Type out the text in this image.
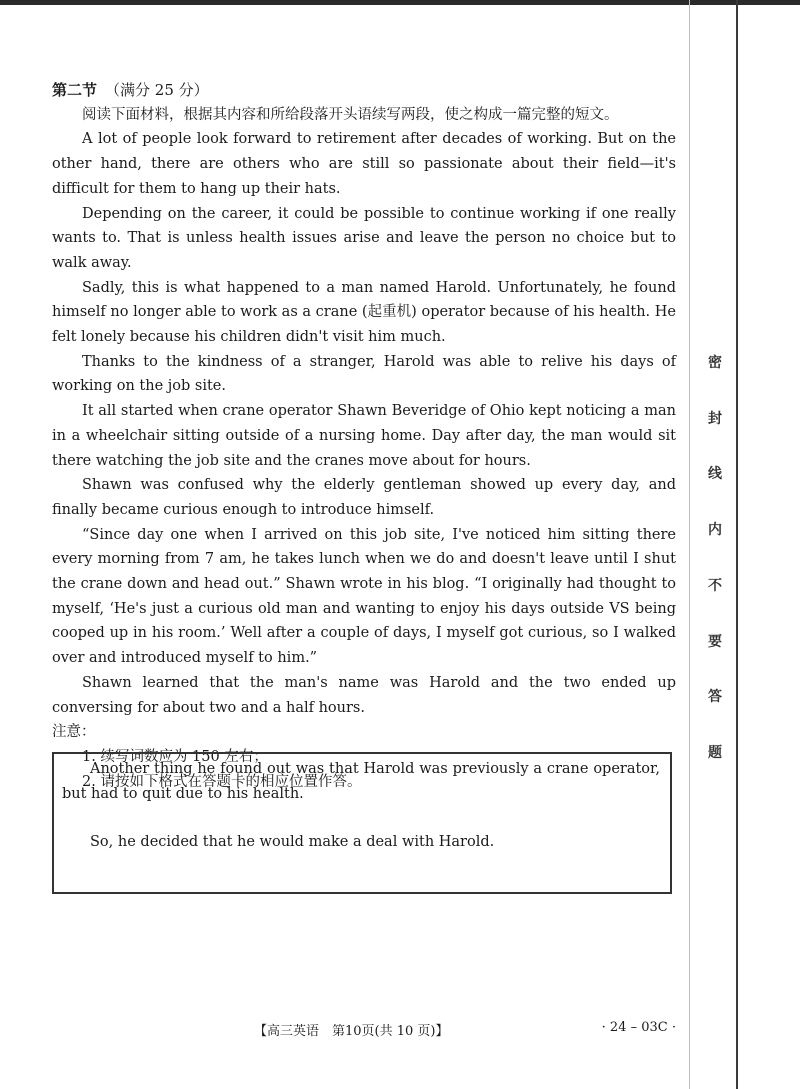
密
封
线
内
不
要
答
题

第二节 （满分 25 分）

阅读下面材料，根据其内容和所给段落开头语续写两段，使之构成一篇完整的短文。

A lot of people look forward to retirement after decades of working. But on the other hand, there are others who are still so passionate about their field—it's difficult for them to hang up their hats.

Depending on the career, it could be possible to continue working if one really wants to. That is unless health issues arise and leave the person no choice but to walk away.

Sadly, this is what happened to a man named Harold. Unfortunately, he found himself no longer able to work as a crane (起重机) operator because of his health. He felt lonely because his children didn't visit him much.

Thanks to the kindness of a stranger, Harold was able to relive his days of working on the job site.

It all started when crane operator Shawn Beveridge of Ohio kept noticing a man in a wheelchair sitting outside of a nursing home. Day after day, the man would sit there watching the job site and the cranes move about for hours.

Shawn was confused why the elderly gentleman showed up every day, and finally became curious enough to introduce himself.

“Since day one when I arrived on this job site, I've noticed him sitting there every morning from 7 am, he takes lunch when we do and doesn't leave until I shut the crane down and head out.” Shawn wrote in his blog. “I originally had thought to myself, ‘He's just a curious old man and wanting to enjoy his days outside VS being cooped up in his room.’ Well after a couple of days, I myself got curious, so I walked over and introduced myself to him.”

Shawn learned that the man's name was Harold and the two ended up conversing for about two and a half hours.

注意：

1. 续写词数应为 150 左右；

2. 请按如下格式在答题卡的相应位置作答。

Another thing he found out was that Harold was previously a crane operator, but had to quit due to his health.

So, he decided that he would make a deal with Harold.

【高三英语　第10页(共 10 页)】	· 24 – 03C ·
